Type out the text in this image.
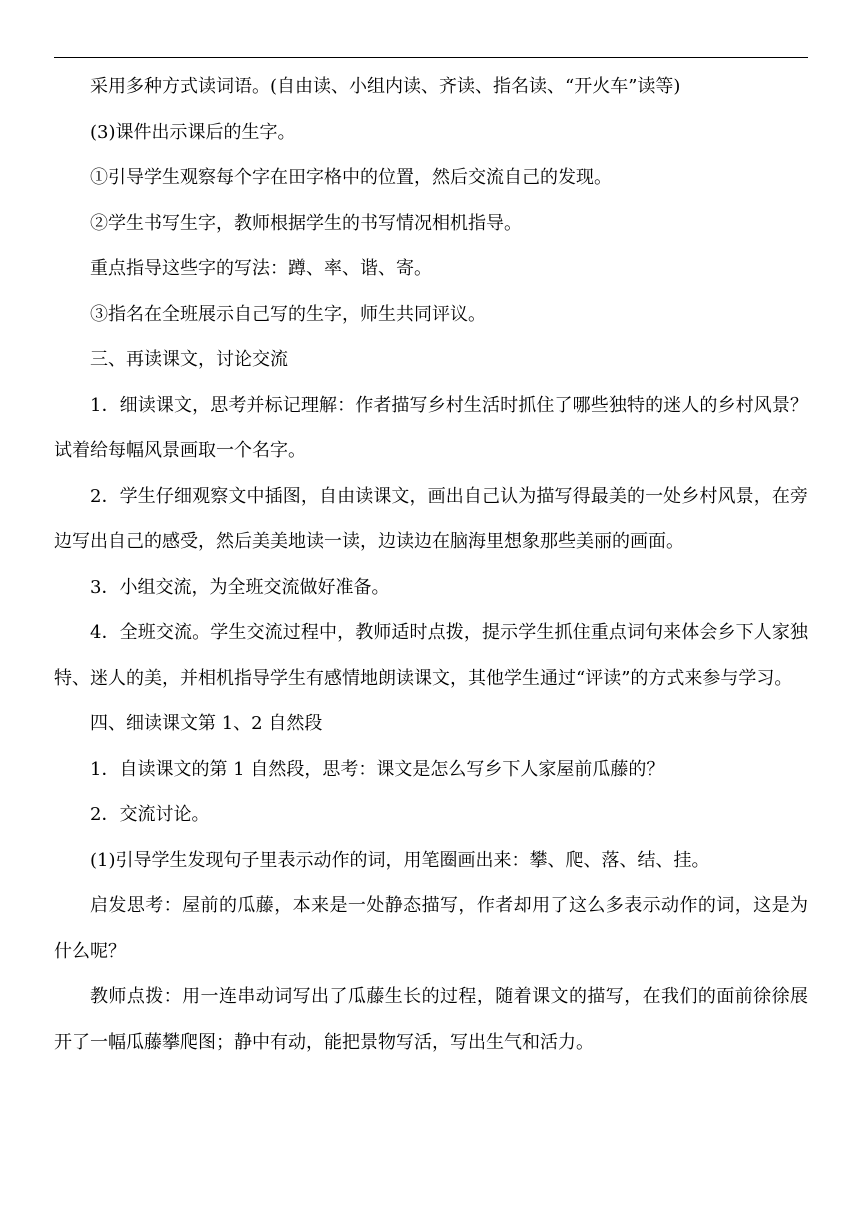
采用多种方式读词语。(自由读、小组内读、齐读、指名读、“开火车”读等)

(3)课件出示课后的生字。

①引导学生观察每个字在田字格中的位置，然后交流自己的发现。

②学生书写生字，教师根据学生的书写情况相机指导。

重点指导这些字的写法：蹲、率、谐、寄。

③指名在全班展示自己写的生字，师生共同评议。

三、再读课文，讨论交流

1．细读课文，思考并标记理解：作者描写乡村生活时抓住了哪些独特的迷人的乡村风景？试着给每幅风景画取一个名字。

2．学生仔细观察文中插图，自由读课文，画出自己认为描写得最美的一处乡村风景，在旁边写出自己的感受，然后美美地读一读，边读边在脑海里想象那些美丽的画面。

3．小组交流，为全班交流做好准备。

4．全班交流。学生交流过程中，教师适时点拨，提示学生抓住重点词句来体会乡下人家独特、迷人的美，并相机指导学生有感情地朗读课文，其他学生通过“评读”的方式来参与学习。

四、细读课文第 1、2 自然段

1．自读课文的第 1 自然段，思考：课文是怎么写乡下人家屋前瓜藤的？

2．交流讨论。

(1)引导学生发现句子里表示动作的词，用笔圈画出来：攀、爬、落、结、挂。

启发思考：屋前的瓜藤，本来是一处静态描写，作者却用了这么多表示动作的词，这是为什么呢？

教师点拨：用一连串动词写出了瓜藤生长的过程，随着课文的描写，在我们的面前徐徐展开了一幅瓜藤攀爬图；静中有动，能把景物写活，写出生气和活力。
